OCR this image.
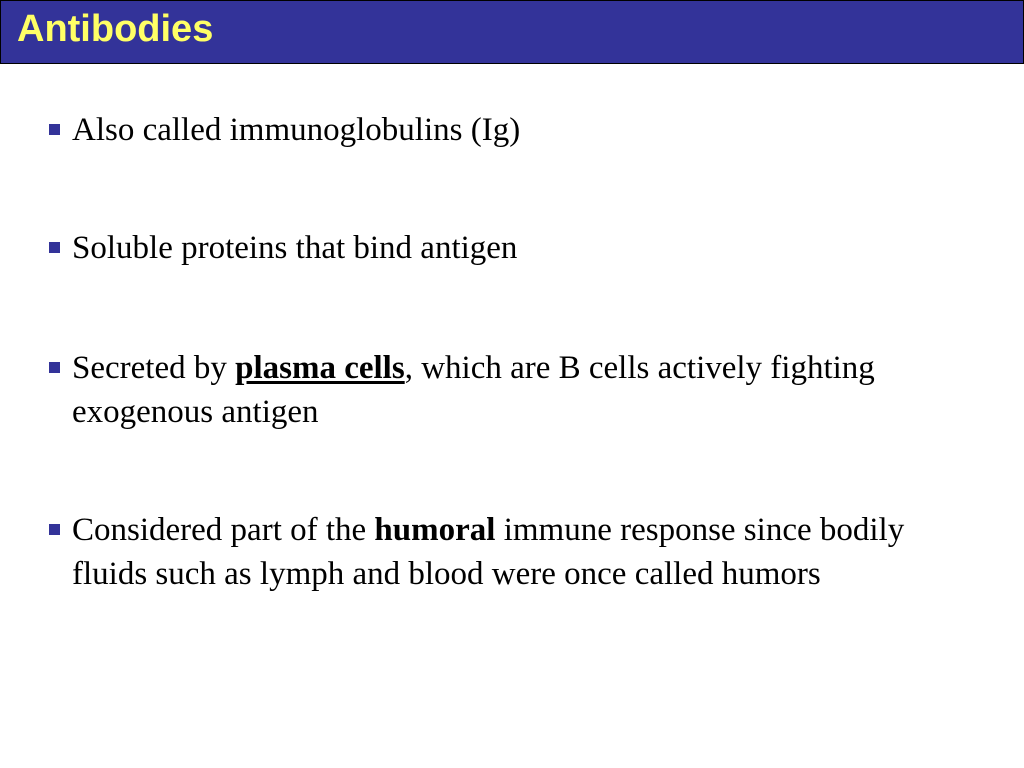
Antibodies
Also called immunoglobulins (Ig)
Soluble proteins that bind antigen
Secreted by plasma cells, which are B cells actively fighting exogenous antigen
Considered part of the humoral immune response since bodily fluids such as lymph and blood were once called humors
